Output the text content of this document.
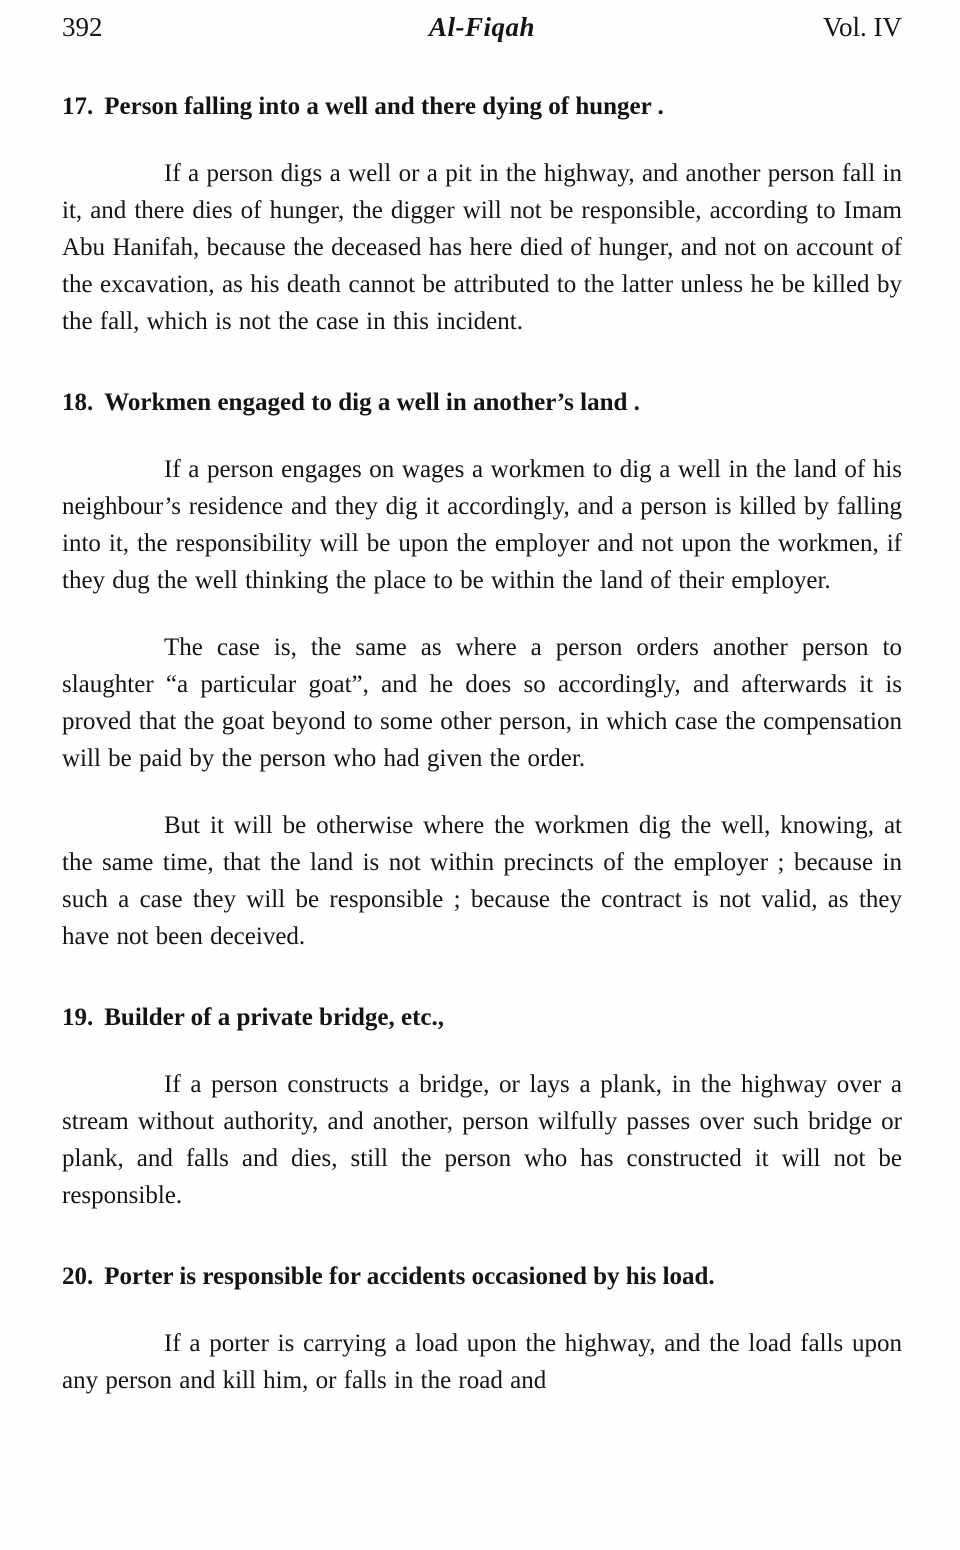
392	Al-Fiqah	Vol. IV
17. Person falling into a well and there dying of hunger .

If a person digs a well or a pit in the highway, and another person fall in it, and there dies of hunger, the digger will not be responsible, according to Imam Abu Hanifah, because the deceased has here died of hunger, and not on account of the excavation, as his death cannot be attributed to the latter unless he be killed by the fall, which is not the case in this incident.

18. Workmen engaged to dig a well in another’s land .

If a person engages on wages a workmen to dig a well in the land of his neighbour’s residence and they dig it accordingly, and a person is killed by falling into it, the responsibility will be upon the employer and not upon the workmen, if they dug the well thinking the place to be within the land of their employer.

The case is, the same as where a person orders another person to slaughter “a particular goat”, and he does so accordingly, and afterwards it is proved that the goat beyond to some other person, in which case the compensation will be paid by the person who had given the order.

But it will be otherwise where the workmen dig the well, knowing, at the same time, that the land is not within precincts of the employer ; because in such a case they will be responsible ; because the contract is not valid, as they have not been deceived.

19. Builder of a private bridge, etc.,

If a person constructs a bridge, or lays a plank, in the highway over a stream without authority, and another, person wilfully passes over such bridge or plank, and falls and dies, still the person who has constructed it will not be responsible.

20. Porter is responsible for accidents occasioned by his load.

If a porter is carrying a load upon the highway, and the load falls upon any person and kill him, or falls in the road and
